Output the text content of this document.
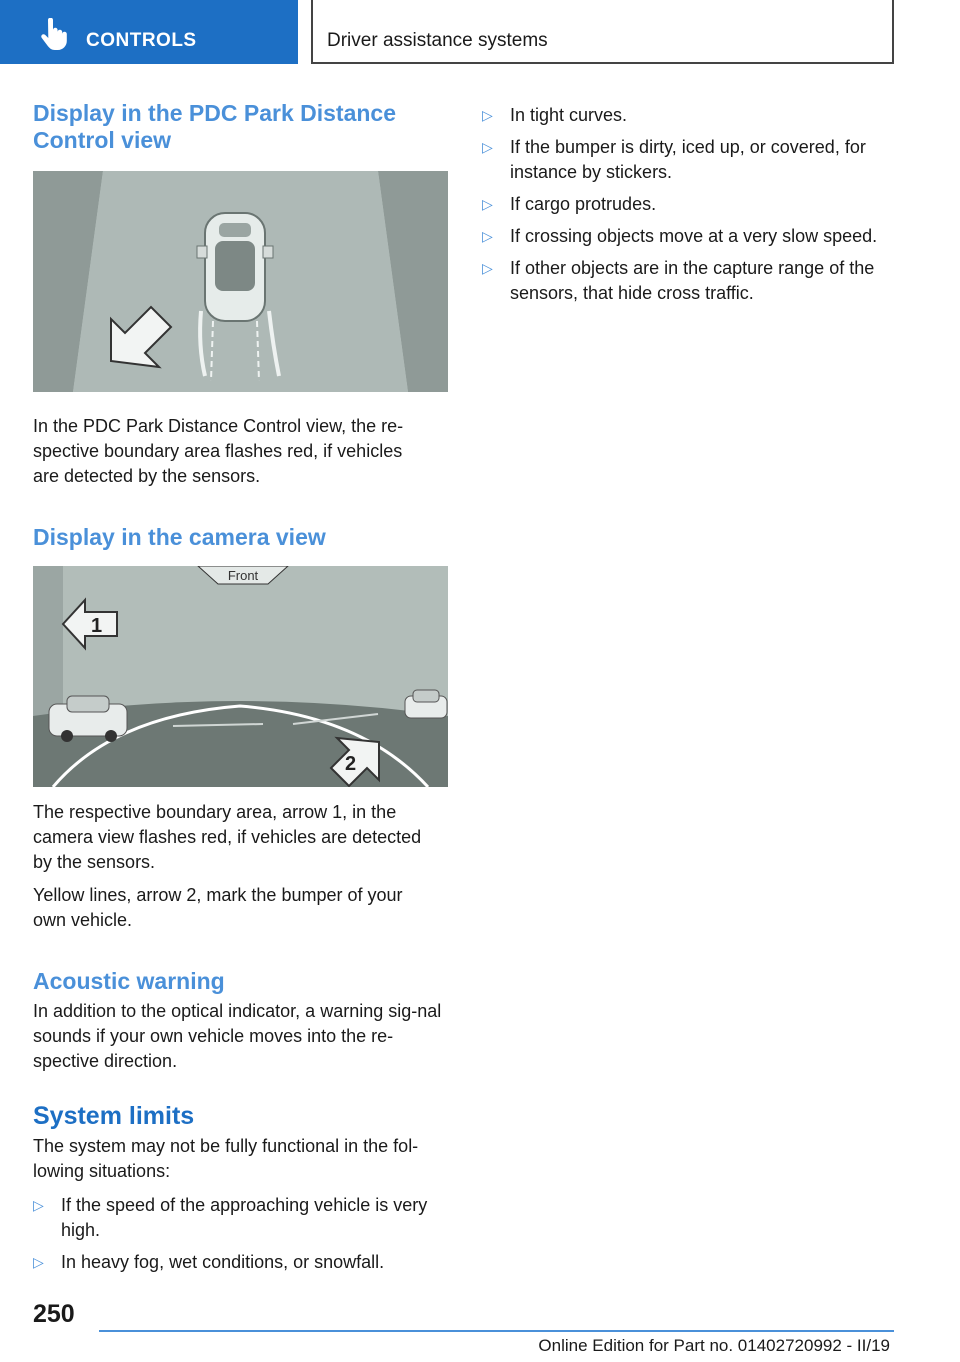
CONTROLS	Driver assistance systems
Display in the PDC Park Distance Control view

In the PDC Park Distance Control view, the re-spective boundary area flashes red, if vehicles are detected by the sensors.

Display in the camera view
Front
1
2

The respective boundary area, arrow 1, in the camera view flashes red, if vehicles are detected by the sensors.

Yellow lines, arrow 2, mark the bumper of your own vehicle.

Acoustic warning

In addition to the optical indicator, a warning sig-nal sounds if your own vehicle moves into the re-spective direction.

System limits

The system may not be fully functional in the fol-lowing situations:

▷ If the speed of the approaching vehicle is very high.
▷ In heavy fog, wet conditions, or snowfall.
▷ In tight curves.
▷ If the bumper is dirty, iced up, or covered, for instance by stickers.
▷ If cargo protrudes.
▷ If crossing objects move at a very slow speed.
▷ If other objects are in the capture range of the sensors, that hide cross traffic.
250
Online Edition for Part no. 01402720992 - II/19
